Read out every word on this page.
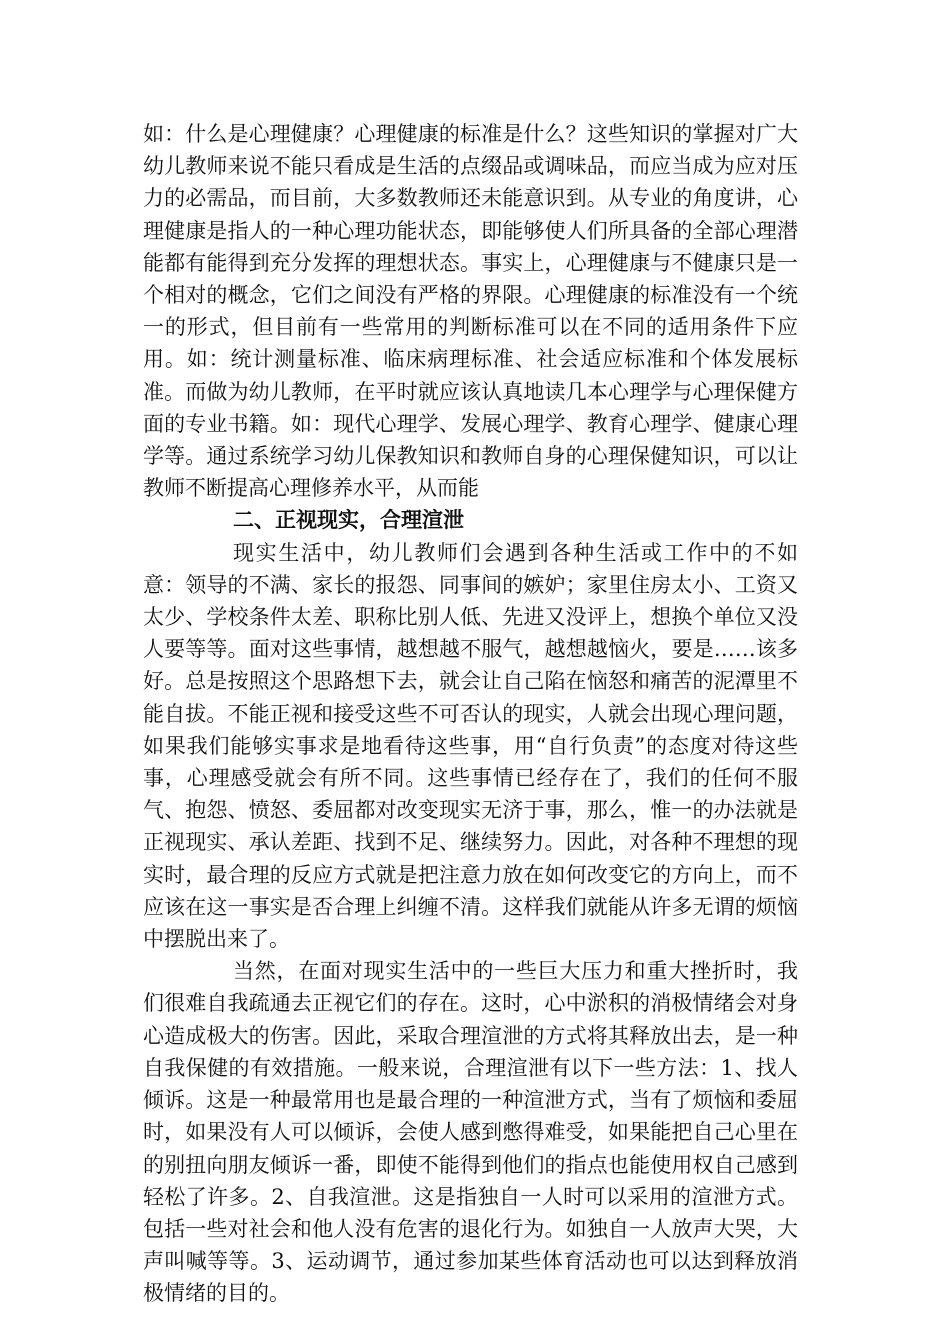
如：什么是心理健康？心理健康的标准是什么？这些知识的掌握对广大幼儿教师来说不能只看成是生活的点缀品或调味品，而应当成为应对压力的必需品，而目前，大多数教师还未能意识到。从专业的角度讲，心理健康是指人的一种心理功能状态，即能够使人们所具备的全部心理潜能都有能得到充分发挥的理想状态。事实上，心理健康与不健康只是一个相对的概念，它们之间没有严格的界限。心理健康的标准没有一个统一的形式，但目前有一些常用的判断标准可以在不同的适用条件下应用。如：统计测量标准、临床病理标准、社会适应标准和个体发展标准。而做为幼儿教师，在平时就应该认真地读几本心理学与心理保健方面的专业书籍。如：现代心理学、发展心理学、教育心理学、健康心理学等。通过系统学习幼儿保教知识和教师自身的心理保健知识，可以让教师不断提高心理修养水平，从而能

二、正视现实，合理渲泄

现实生活中，幼儿教师们会遇到各种生活或工作中的不如意：领导的不满、家长的报怨、同事间的嫉妒；家里住房太小、工资又太少、学校条件太差、职称比别人低、先进又没评上，想换个单位又没人要等等。面对这些事情，越想越不服气，越想越恼火，要是……该多好。总是按照这个思路想下去，就会让自己陷在恼怒和痛苦的泥潭里不能自拔。不能正视和接受这些不可否认的现实，人就会出现心理问题，如果我们能够实事求是地看待这些事，用“自行负责”的态度对待这些事，心理感受就会有所不同。这些事情已经存在了，我们的任何不服气、抱怨、愤怒、委屈都对改变现实无济于事，那么，惟一的办法就是正视现实、承认差距、找到不足、继续努力。因此，对各种不理想的现实时，最合理的反应方式就是把注意力放在如何改变它的方向上，而不应该在这一事实是否合理上纠缠不清。这样我们就能从许多无谓的烦恼中摆脱出来了。

当然，在面对现实生活中的一些巨大压力和重大挫折时，我们很难自我疏通去正视它们的存在。这时，心中淤积的消极情绪会对身心造成极大的伤害。因此，采取合理渲泄的方式将其释放出去，是一种自我保健的有效措施。一般来说，合理渲泄有以下一些方法：1、找人倾诉。这是一种最常用也是最合理的一种渲泄方式，当有了烦恼和委屈时，如果没有人可以倾诉，会使人感到憋得难受，如果能把自己心里在的别扭向朋友倾诉一番，即使不能得到他们的指点也能使用权自己感到轻松了许多。2、自我渲泄。这是指独自一人时可以采用的渲泄方式。包括一些对社会和他人没有危害的退化行为。如独自一人放声大哭，大声叫喊等等。3、运动调节，通过参加某些体育活动也可以达到释放消极情绪的目的。
